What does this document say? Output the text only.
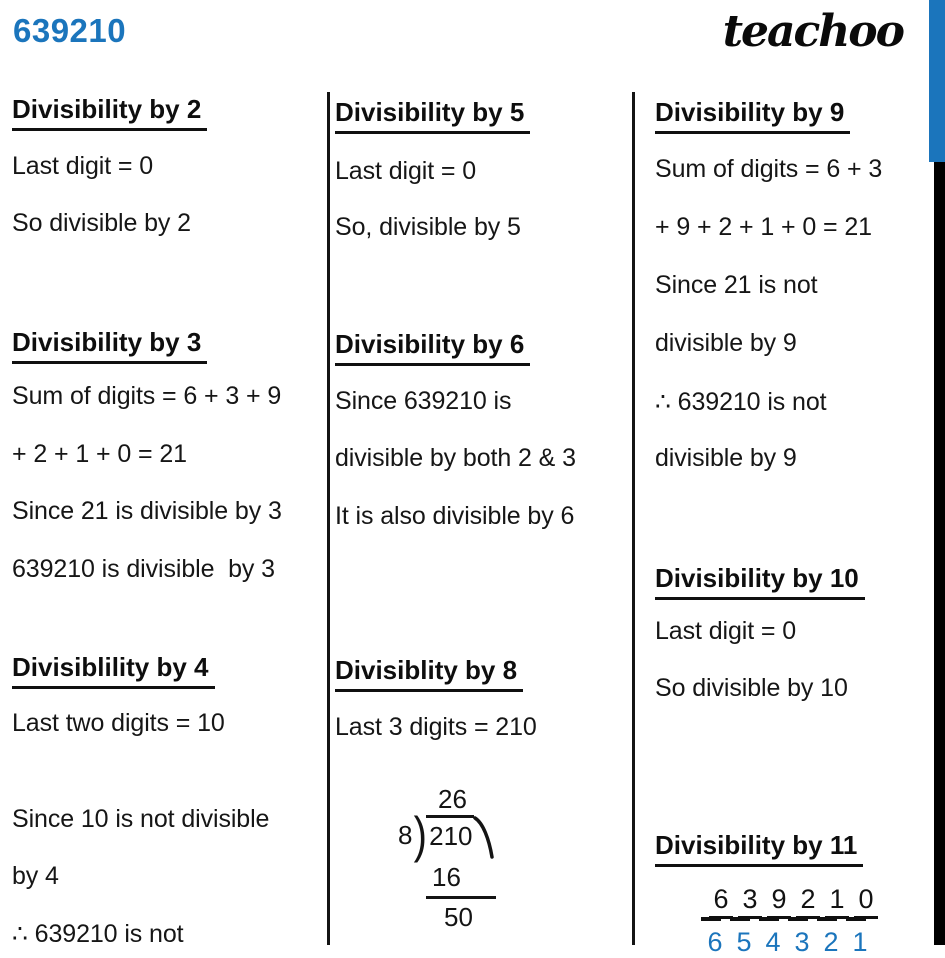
639210	teachoo
Divisibility by 2
Last digit = 0
So divisible by 2
Divisibility by 3
Sum of digits = 6 + 3 + 9
+ 2 + 1 + 0 = 21
Since 21 is divisible by 3
639210 is divisible  by 3
Divisiblility by 4
Last two digits = 10
Since 10 is not divisible
by 4
∴ 639210 is not
Divisibility by 5
Last digit = 0
So, divisible by 5
Divisibility by 6
Since 639210 is
divisible by both 2 & 3
It is also divisible by 6
Divisiblity by 8
Last 3 digits = 210
26
8 ) 210
16
50
Divisibility by 9
Sum of digits = 6 + 3
+ 9 + 2 + 1 + 0 = 21
Since 21 is not
divisible by 9
∴ 639210 is not
divisible by 9
Divisibility by 10
Last digit = 0
So divisible by 10
Divisibility by 11
6 3 9 2 1 0
6 5 4 3 2 1
